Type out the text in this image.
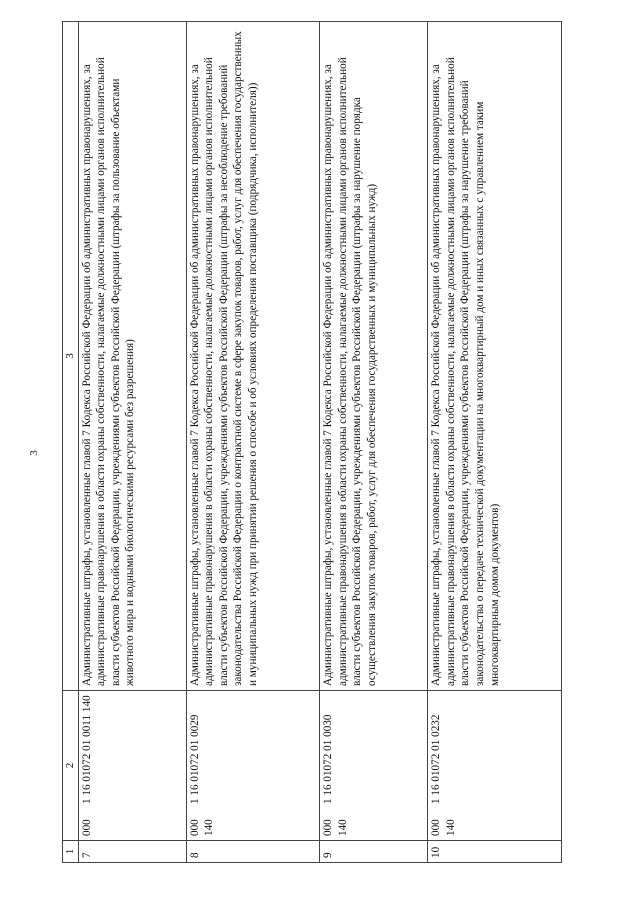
3
1	2	3
7	0001 16 01072 01 0011 140	Административные штрафы, установленные главой 7 Кодекса Российской Федерации об административных правонарушениях, за административные правонарушения в области охраны собственности, налагаемые должностными лицами органов исполнительной власти субъектов Российской Федерации, учреждениями субъектов Российской Федерации (штрафы за пользование объектами животного мира и водными биологическими ресурсами без разрешения)
8	0001 16 01072 01 0029 140	Административные штрафы, установленные главой 7 Кодекса Российской Федерации об административных правонарушениях, за административные правонарушения в области охраны собственности, налагаемые должностными лицами органов исполнительной власти субъектов Российской Федерации, учреждениями субъектов Российской Федерации (штрафы за несоблюдение требований законодательства Российской Федерации о контрактной системе в сфере закупок товаров, работ, услуг для обеспечения государственных и муниципальных нужд при принятии решения о способе и об условиях определения поставщика (подрядчика, исполнителя))
9	0001 16 01072 01 0030 140	Административные штрафы, установленные главой 7 Кодекса Российской Федерации об административных правонарушениях, за административные правонарушения в области охраны собственности, налагаемые должностными лицами органов исполнительной власти субъектов Российской Федерации, учреждениями субъектов Российской Федерации (штрафы за нарушение порядка осуществления закупок товаров, работ, услуг для обеспечения государственных и муниципальных нужд)
10	0001 16 01072 01 0232 140	Административные штрафы, установленные главой 7 Кодекса Российской Федерации об административных правонарушениях, за административные правонарушения в области охраны собственности, налагаемые должностными лицами органов исполнительной власти субъектов Российской Федерации, учреждениями субъектов Российской Федерации (штрафы за нарушение требований законодательства о передаче технической документации на многоквартирный дом и иных связанных с управлением таким многоквартирным домом документов)
